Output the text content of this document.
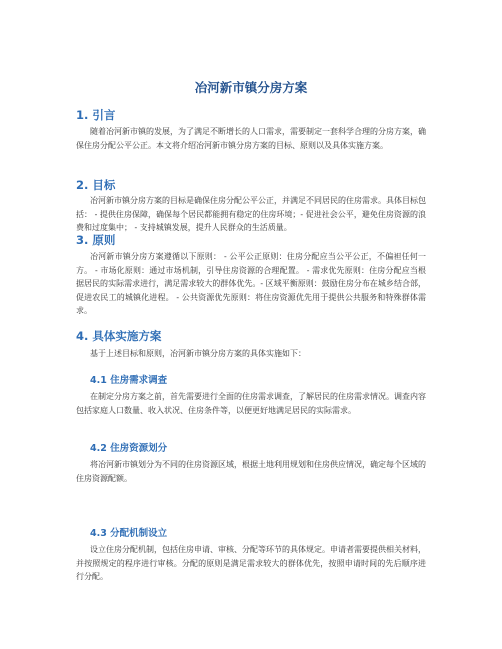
冶河新市镇分房方案
1. 引言
随着冶河新市镇的发展，为了满足不断增长的人口需求，需要制定一套科学合理的分房方案，确保住房分配公平公正。本文将介绍冶河新市镇分房方案的目标、原则以及具体实施方案。
2. 目标
冶河新市镇分房方案的目标是确保住房分配公平公正，并满足不同居民的住房需求。具体目标包括： - 提供住房保障，确保每个居民都能拥有稳定的住房环境；- 促进社会公平，避免住房资源的浪费和过度集中； - 支持城镇发展，提升人民群众的生活质量。
3. 原则
冶河新市镇分房方案遵循以下原则： - 公平公正原则：住房分配应当公平公正，不偏袒任何一方。 - 市场化原则：通过市场机制，引导住房资源的合理配置。 - 需求优先原则：住房分配应当根据居民的实际需求进行，满足需求较大的群体优先。- 区域平衡原则：鼓励住房分布在城乡结合部，促进农民工的城镇化进程。 - 公共资源优先原则：将住房资源优先用于提供公共服务和特殊群体需求。
4. 具体实施方案
基于上述目标和原则，冶河新市镇分房方案的具体实施如下：
4.1 住房需求调查
在制定分房方案之前，首先需要进行全面的住房需求调查，了解居民的住房需求情况。调查内容包括家庭人口数量、收入状况、住房条件等，以便更好地满足居民的实际需求。
4.2 住房资源划分
将冶河新市镇划分为不同的住房资源区域，根据土地利用规划和住房供应情况，确定每个区域的住房资源配额。
4.3 分配机制设立
设立住房分配机制，包括住房申请、审核、分配等环节的具体规定。申请者需要提供相关材料，并按照规定的程序进行审核。分配的原则是满足需求较大的群体优先，按照申请时间的先后顺序进行分配。
